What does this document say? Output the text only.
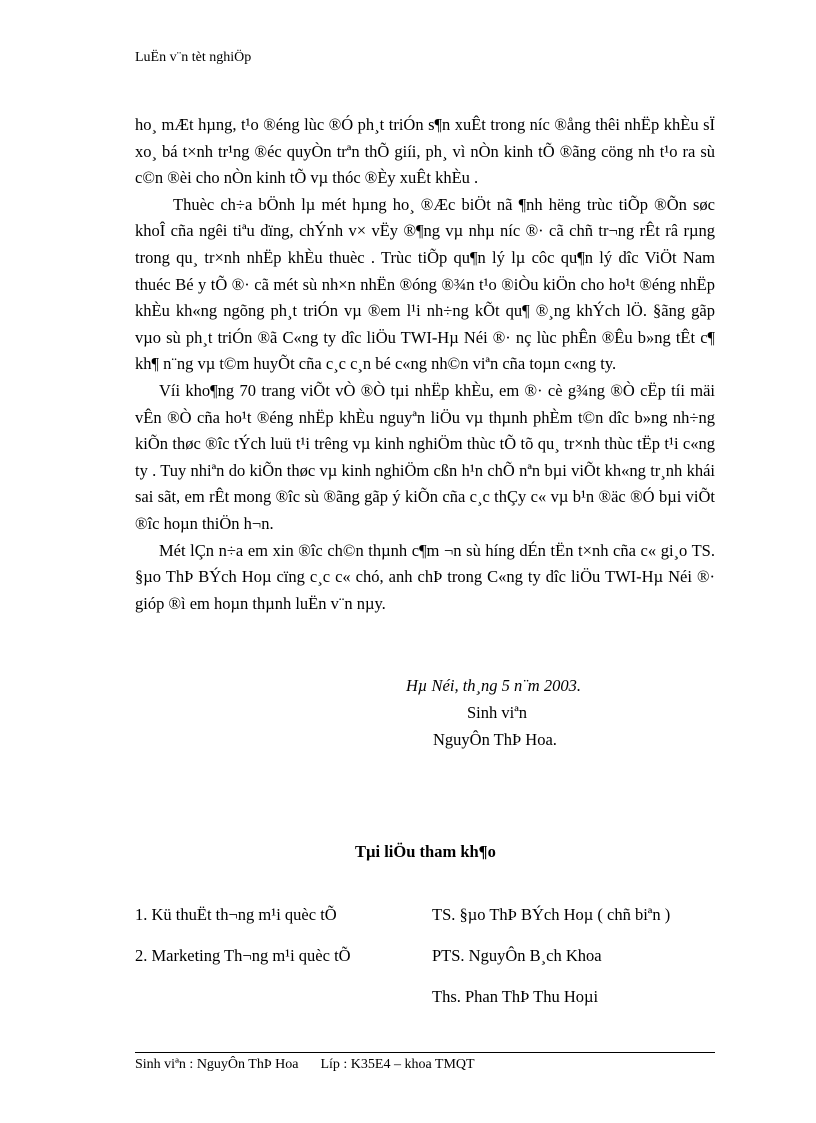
LuËn v¨n tèt nghiÖp

ho¸ mÆt hµng, t¹o ®éng lùc ®Ó ph¸t triÓn s¶n xuÊt trong níc ®ång thêi nhËp khÈu sÏ xo¸ bá t×nh tr¹ng ®éc quyÒn trªn thÕ giíi, ph¸ vì nÒn kinh tÕ ®ãng cöng nh t¹o ra sù c©n ®èi cho nÒn kinh tÕ vµ thóc ®Èy xuÊt khÈu .

Thuèc ch÷a bÖnh lµ mét hµng ho¸ ®Æc biÖt nã ¶nh hëng trùc tiÕp ®Õn søc khoÎ cña ngêi tiªu dïng, chÝnh v× vËy ®¶ng vµ nhµ níc ®· cã chñ tr¬ng rÊt râ rµng trong qu¸ tr×nh nhËp khÈu thuèc . Trùc tiÕp qu¶n lý lµ côc qu¶n lý dîc ViÖt Nam thuéc Bé y tÕ ®· cã mét sù nh×n nhËn ®óng ®¾n t¹o ®iÒu kiÖn cho ho¹t ®éng nhËp khÈu kh«ng ngõng ph¸t triÓn vµ ®em l¹i nh÷ng kÕt qu¶ ®¸ng khÝch lÖ. §ãng gãp vµo sù ph¸t triÓn ®ã C«ng ty dîc liÖu TWI-Hµ Néi ®· nç lùc phÊn ®Êu b»ng tÊt c¶ kh¶ n¨ng vµ t©m huyÕt cña c¸c c¸n bé c«ng nh©n viªn cña toµn c«ng ty.

Víi kho¶ng 70 trang viÕt vÒ ®Ò tµi nhËp khÈu, em ®· cè g¾ng ®Ò cËp tíi mäi vÊn ®Ò cña ho¹t ®éng nhËp khÈu nguyªn liÖu vµ thµnh phÈm t©n dîc b»ng nh÷ng kiÕn thøc ®îc tÝch luü t¹i trêng vµ kinh nghiÖm thùc tÕ tõ qu¸ tr×nh thùc tËp t¹i c«ng ty . Tuy nhiªn do kiÕn thøc vµ kinh nghiÖm cßn h¹n chÕ nªn bµi viÕt kh«ng tr¸nh khái sai sãt, em rÊt mong ®îc sù ®ãng gãp ý kiÕn cña c¸c thÇy c« vµ b¹n ®äc ®Ó bµi viÕt ®îc hoµn thiÖn h¬n.

Mét lÇn n÷a em xin ®îc ch©n thµnh c¶m ¬n sù híng dÉn tËn t×nh cña c« gi¸o TS. §µo ThÞ BÝch Hoµ cïng c¸c c« chó, anh chÞ trong C«ng ty dîc liÖu TWI-Hµ Néi ®· gióp ®ì em hoµn thµnh luËn v¨n nµy.

Hµ Néi, th¸ng 5 n¨m 2003.
Sinh viªn
NguyÔn ThÞ Hoa.
Tµi liÖu tham kh¶o
1. Kü thuËt th¬ng m¹i quèc tÕ	TS. §µo ThÞ BÝch Hoµ ( chñ biªn )
2. Marketing Th¬ng m¹i quèc tÕ	PTS. NguyÔn B¸ch Khoa
Ths. Phan ThÞ Thu Hoµi
Sinh viªn : NguyÔn ThÞ Hoa Líp : K35E4 – khoa TMQT
